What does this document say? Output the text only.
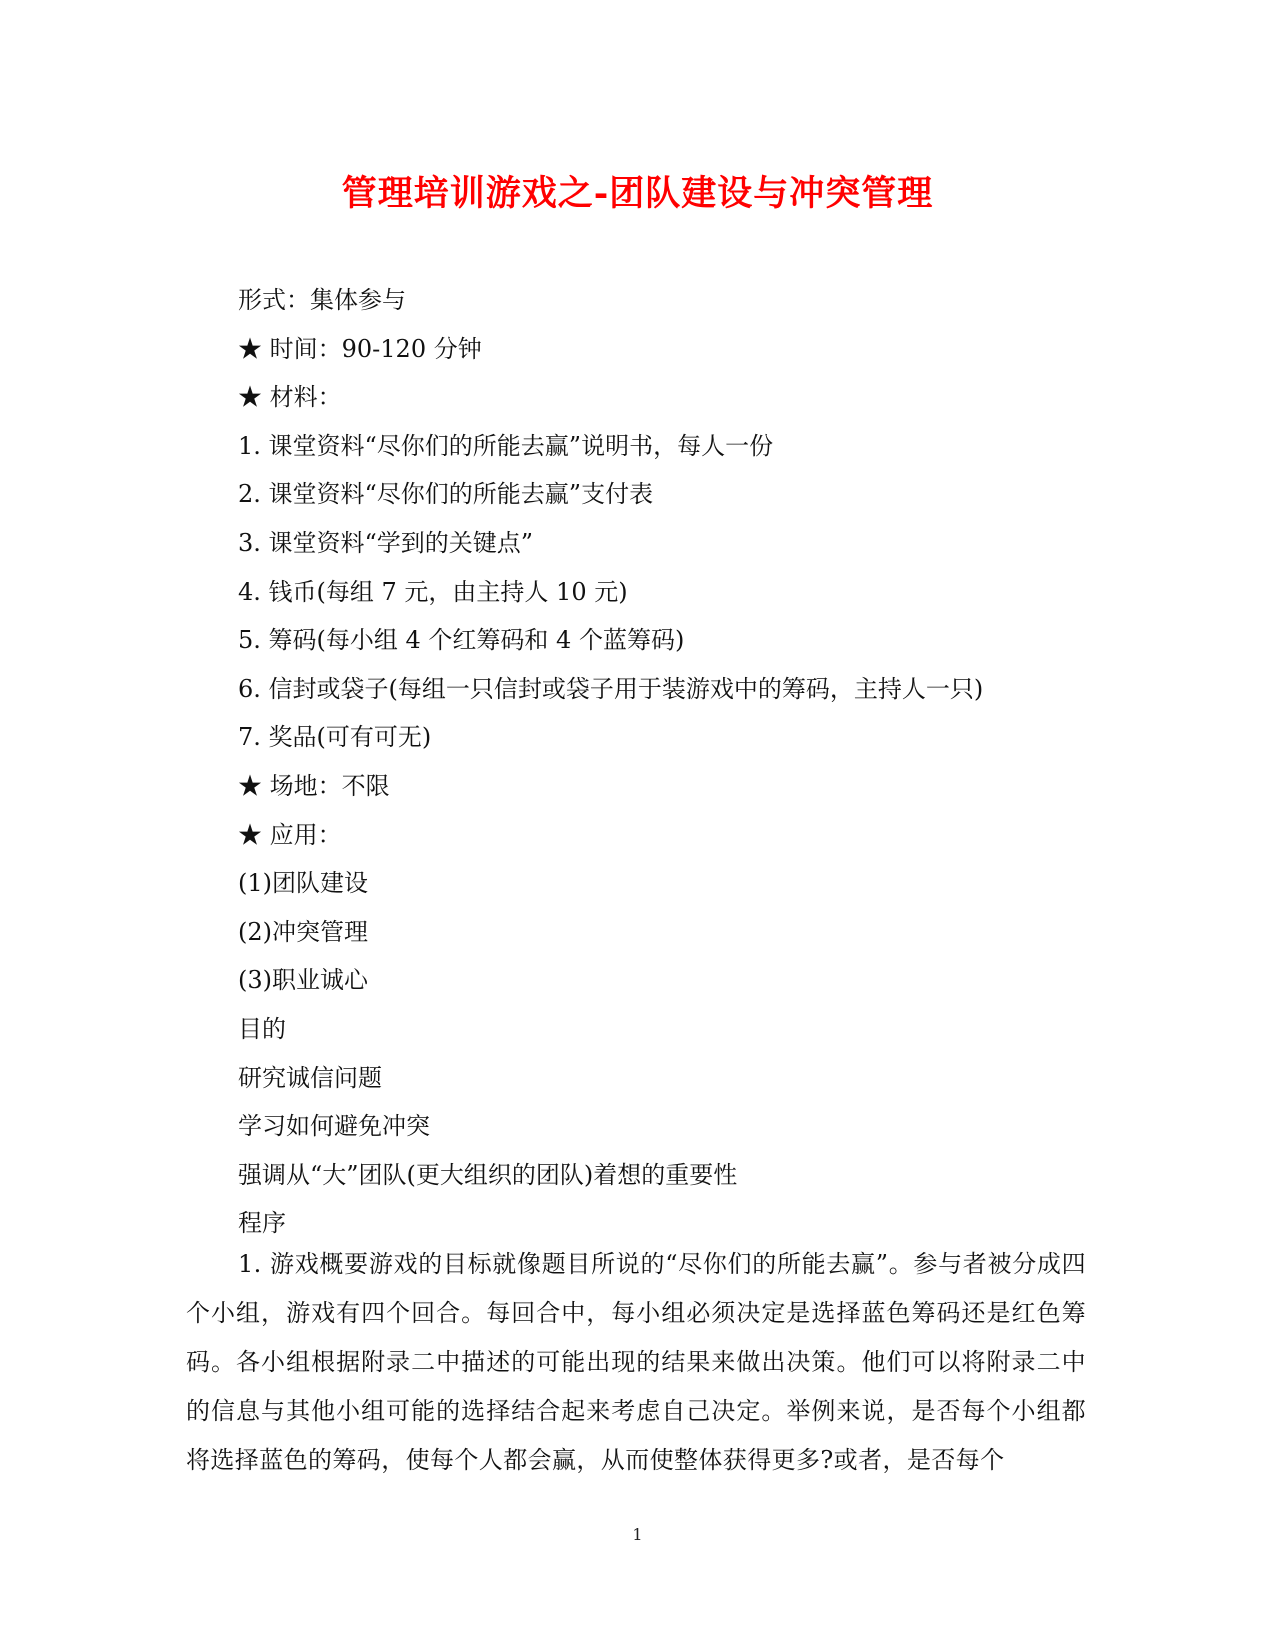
管理培训游戏之-团队建设与冲突管理
形式：集体参与
★ 时间：90-120 分钟
★ 材料：
1. 课堂资料“尽你们的所能去赢”说明书，每人一份
2. 课堂资料“尽你们的所能去赢”支付表
3. 课堂资料“学到的关键点”
4. 钱币(每组 7 元，由主持人 10 元)
5. 筹码(每小组 4 个红筹码和 4 个蓝筹码)
6. 信封或袋子(每组一只信封或袋子用于装游戏中的筹码，主持人一只)
7. 奖品(可有可无)
★ 场地：不限
★ 应用：
(1)团队建设
(2)冲突管理
(3)职业诚心
目的
研究诚信问题
学习如何避免冲突
强调从“大”团队(更大组织的团队)着想的重要性
程序
1. 游戏概要游戏的目标就像题目所说的“尽你们的所能去赢”。参与者被分成四个小组，游戏有四个回合。每回合中，每小组必须决定是选择蓝色筹码还是红色筹码。各小组根据附录二中描述的可能出现的结果来做出决策。他们可以将附录二中的信息与其他小组可能的选择结合起来考虑自己决定。举例来说，是否每个小组都将选择蓝色的筹码，使每个人都会赢，从而使整体获得更多?或者，是否每个
1
